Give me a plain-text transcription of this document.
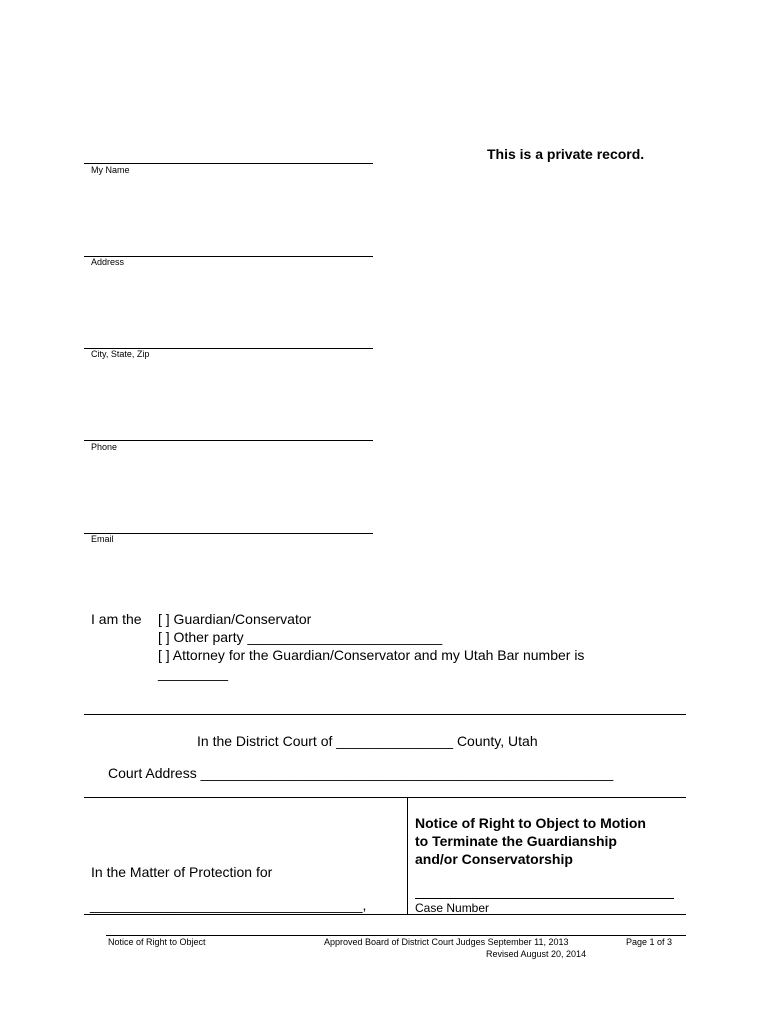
This is a private record.
My Name
Address
City, State, Zip
Phone
Email
I am the [ ] Guardian/Conservator
[ ] Other party _________________________
[ ] Attorney for the Guardian/Conservator and my Utah Bar number is
_________
In the District Court of _______________ County, Utah
Court Address _____________________________________________________
In the Matter of Protection for
___________________________________,
Notice of Right to Object to Motion
to Terminate the Guardianship
and/or Conservatorship
Case Number
Notice of Right to Object	Approved Board of District Court Judges September 11, 2013
Revised August 20, 2014
Page 1 of 3
